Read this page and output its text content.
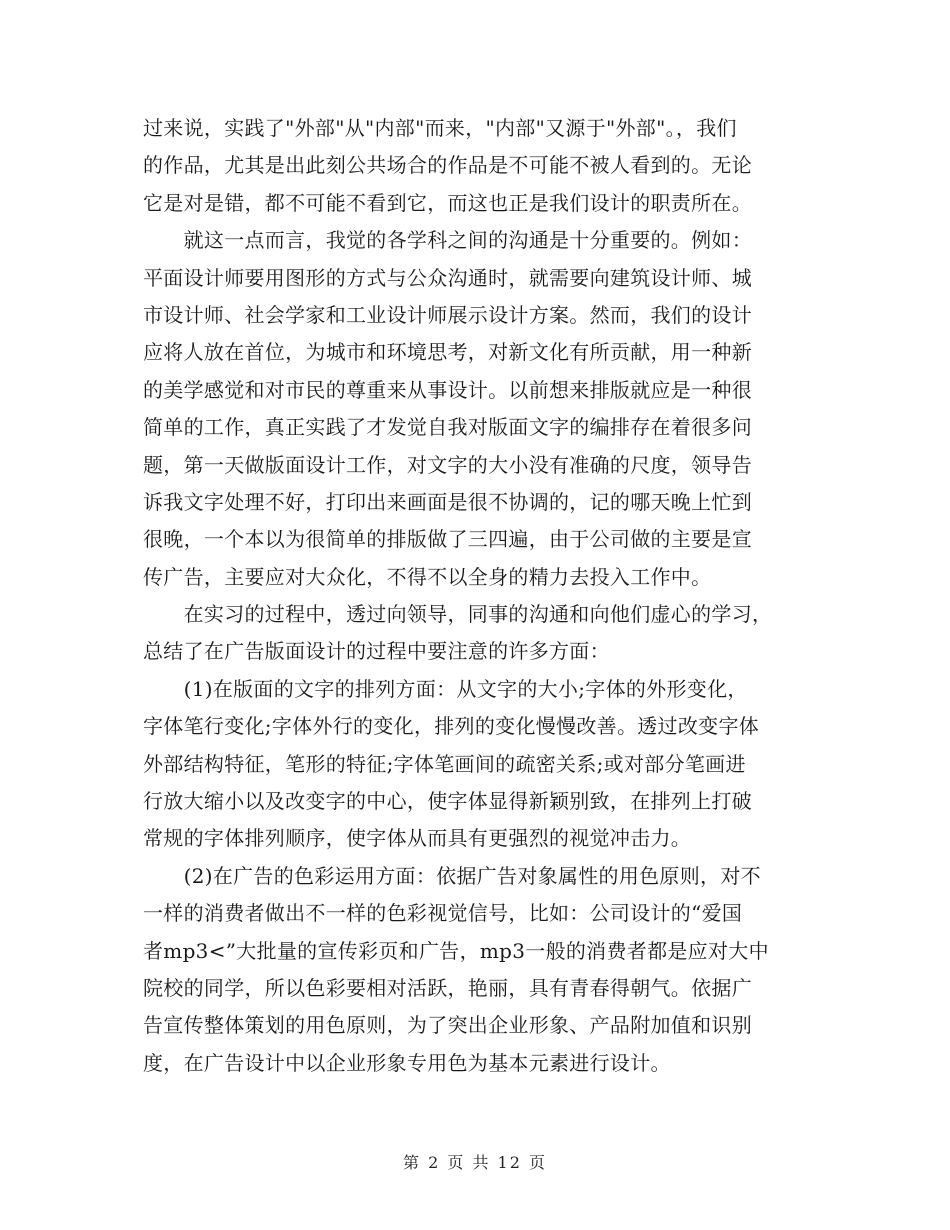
过来说，实践了"外部"从"内部"而来，"内部"又源于"外部"。，我们
的作品，尤其是出此刻公共场合的作品是不可能不被人看到的。无论
它是对是错，都不可能不看到它，而这也正是我们设计的职责所在。
　　就这一点而言，我觉的各学科之间的沟通是十分重要的。例如：
平面设计师要用图形的方式与公众沟通时，就需要向建筑设计师、城
市设计师、社会学家和工业设计师展示设计方案。然而，我们的设计
应将人放在首位，为城市和环境思考，对新文化有所贡献，用一种新
的美学感觉和对市民的尊重来从事设计。以前想来排版就应是一种很
简单的工作，真正实践了才发觉自我对版面文字的编排存在着很多问
题，第一天做版面设计工作，对文字的大小没有准确的尺度，领导告
诉我文字处理不好，打印出来画面是很不协调的，记的哪天晚上忙到
很晚，一个本以为很简单的排版做了三四遍，由于公司做的主要是宣
传广告，主要应对大众化，不得不以全身的精力去投入工作中。
　　在实习的过程中，透过向领导，同事的沟通和向他们虚心的学习，
总结了在广告版面设计的过程中要注意的许多方面：
　　(1)在版面的文字的排列方面：从文字的大小;字体的外形变化，
字体笔行变化;字体外行的变化，排列的变化慢慢改善。透过改变字体
外部结构特征，笔形的特征;字体笔画间的疏密关系;或对部分笔画进
行放大缩小以及改变字的中心，使字体显得新颖别致，在排列上打破
常规的字体排列顺序，使字体从而具有更强烈的视觉冲击力。
　　(2)在广告的色彩运用方面：依据广告对象属性的用色原则，对不
一样的消费者做出不一样的色彩视觉信号，比如：公司设计的“爱国
者mp3<”大批量的宣传彩页和广告，mp3一般的消费者都是应对大中
院校的同学，所以色彩要相对活跃，艳丽，具有青春得朝气。依据广
告宣传整体策划的用色原则，为了突出企业形象、产品附加值和识别
度，在广告设计中以企业形象专用色为基本元素进行设计。
第 2 页 共 12 页
